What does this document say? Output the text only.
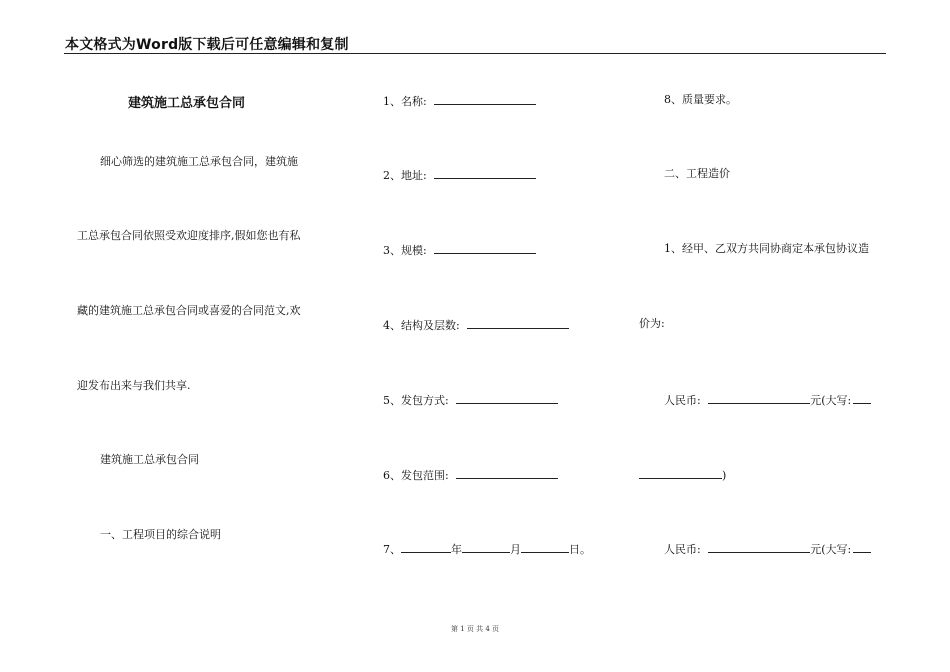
本文格式为Word版下载后可任意编辑和复制
建筑施工总承包合同
细心筛选的建筑施工总承包合同，建筑施
工总承包合同依照受欢迎度排序,假如您也有私
藏的建筑施工总承包合同或喜爱的合同范文,欢
迎发布出来与我们共享.
建筑施工总承包合同
一、工程项目的综合说明
1、名称:
2、地址:
3、规模:
4、结构及层数:
5、发包方式:
6、发包范围:
7、	年	月	日。
8、质量要求。
二、工程造价
1、经甲、乙双方共同协商定本承包协议造
价为:
人民币:	元(大写:
)
人民币:	元(大写:
第 1 页 共 4 页
